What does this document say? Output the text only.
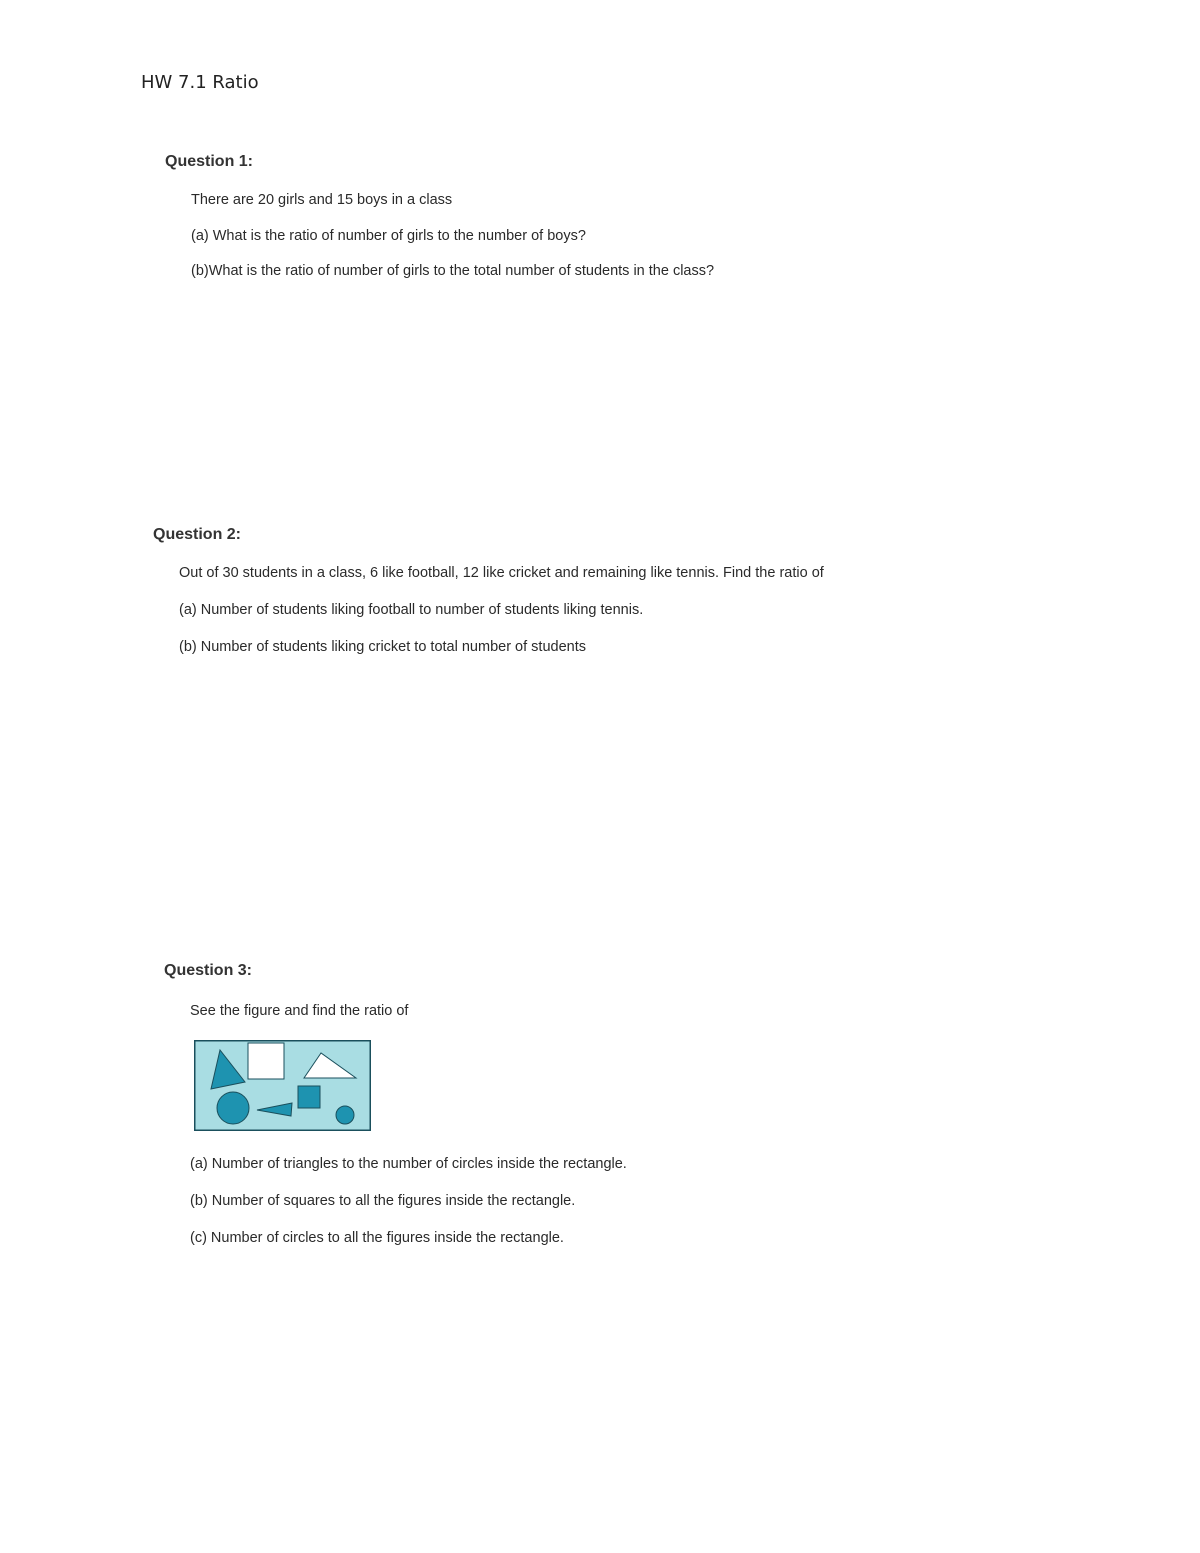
HW 7.1 Ratio
Question 1:
There are 20 girls and 15 boys in a class
(a) What is the ratio of number of girls to the number of boys?
(b)What is the ratio of number of girls to the total number of students in the class?
Question 2:
Out of 30 students in a class, 6 like football, 12 like cricket and remaining like tennis. Find the ratio of
(a) Number of students liking football to number of students liking tennis.
(b) Number of students liking cricket to total number of students
Question 3:
See the figure and find the ratio of
(a) Number of triangles to the number of circles inside the rectangle.
(b) Number of squares to all the figures inside the rectangle.
(c) Number of circles to all the figures inside the rectangle.
